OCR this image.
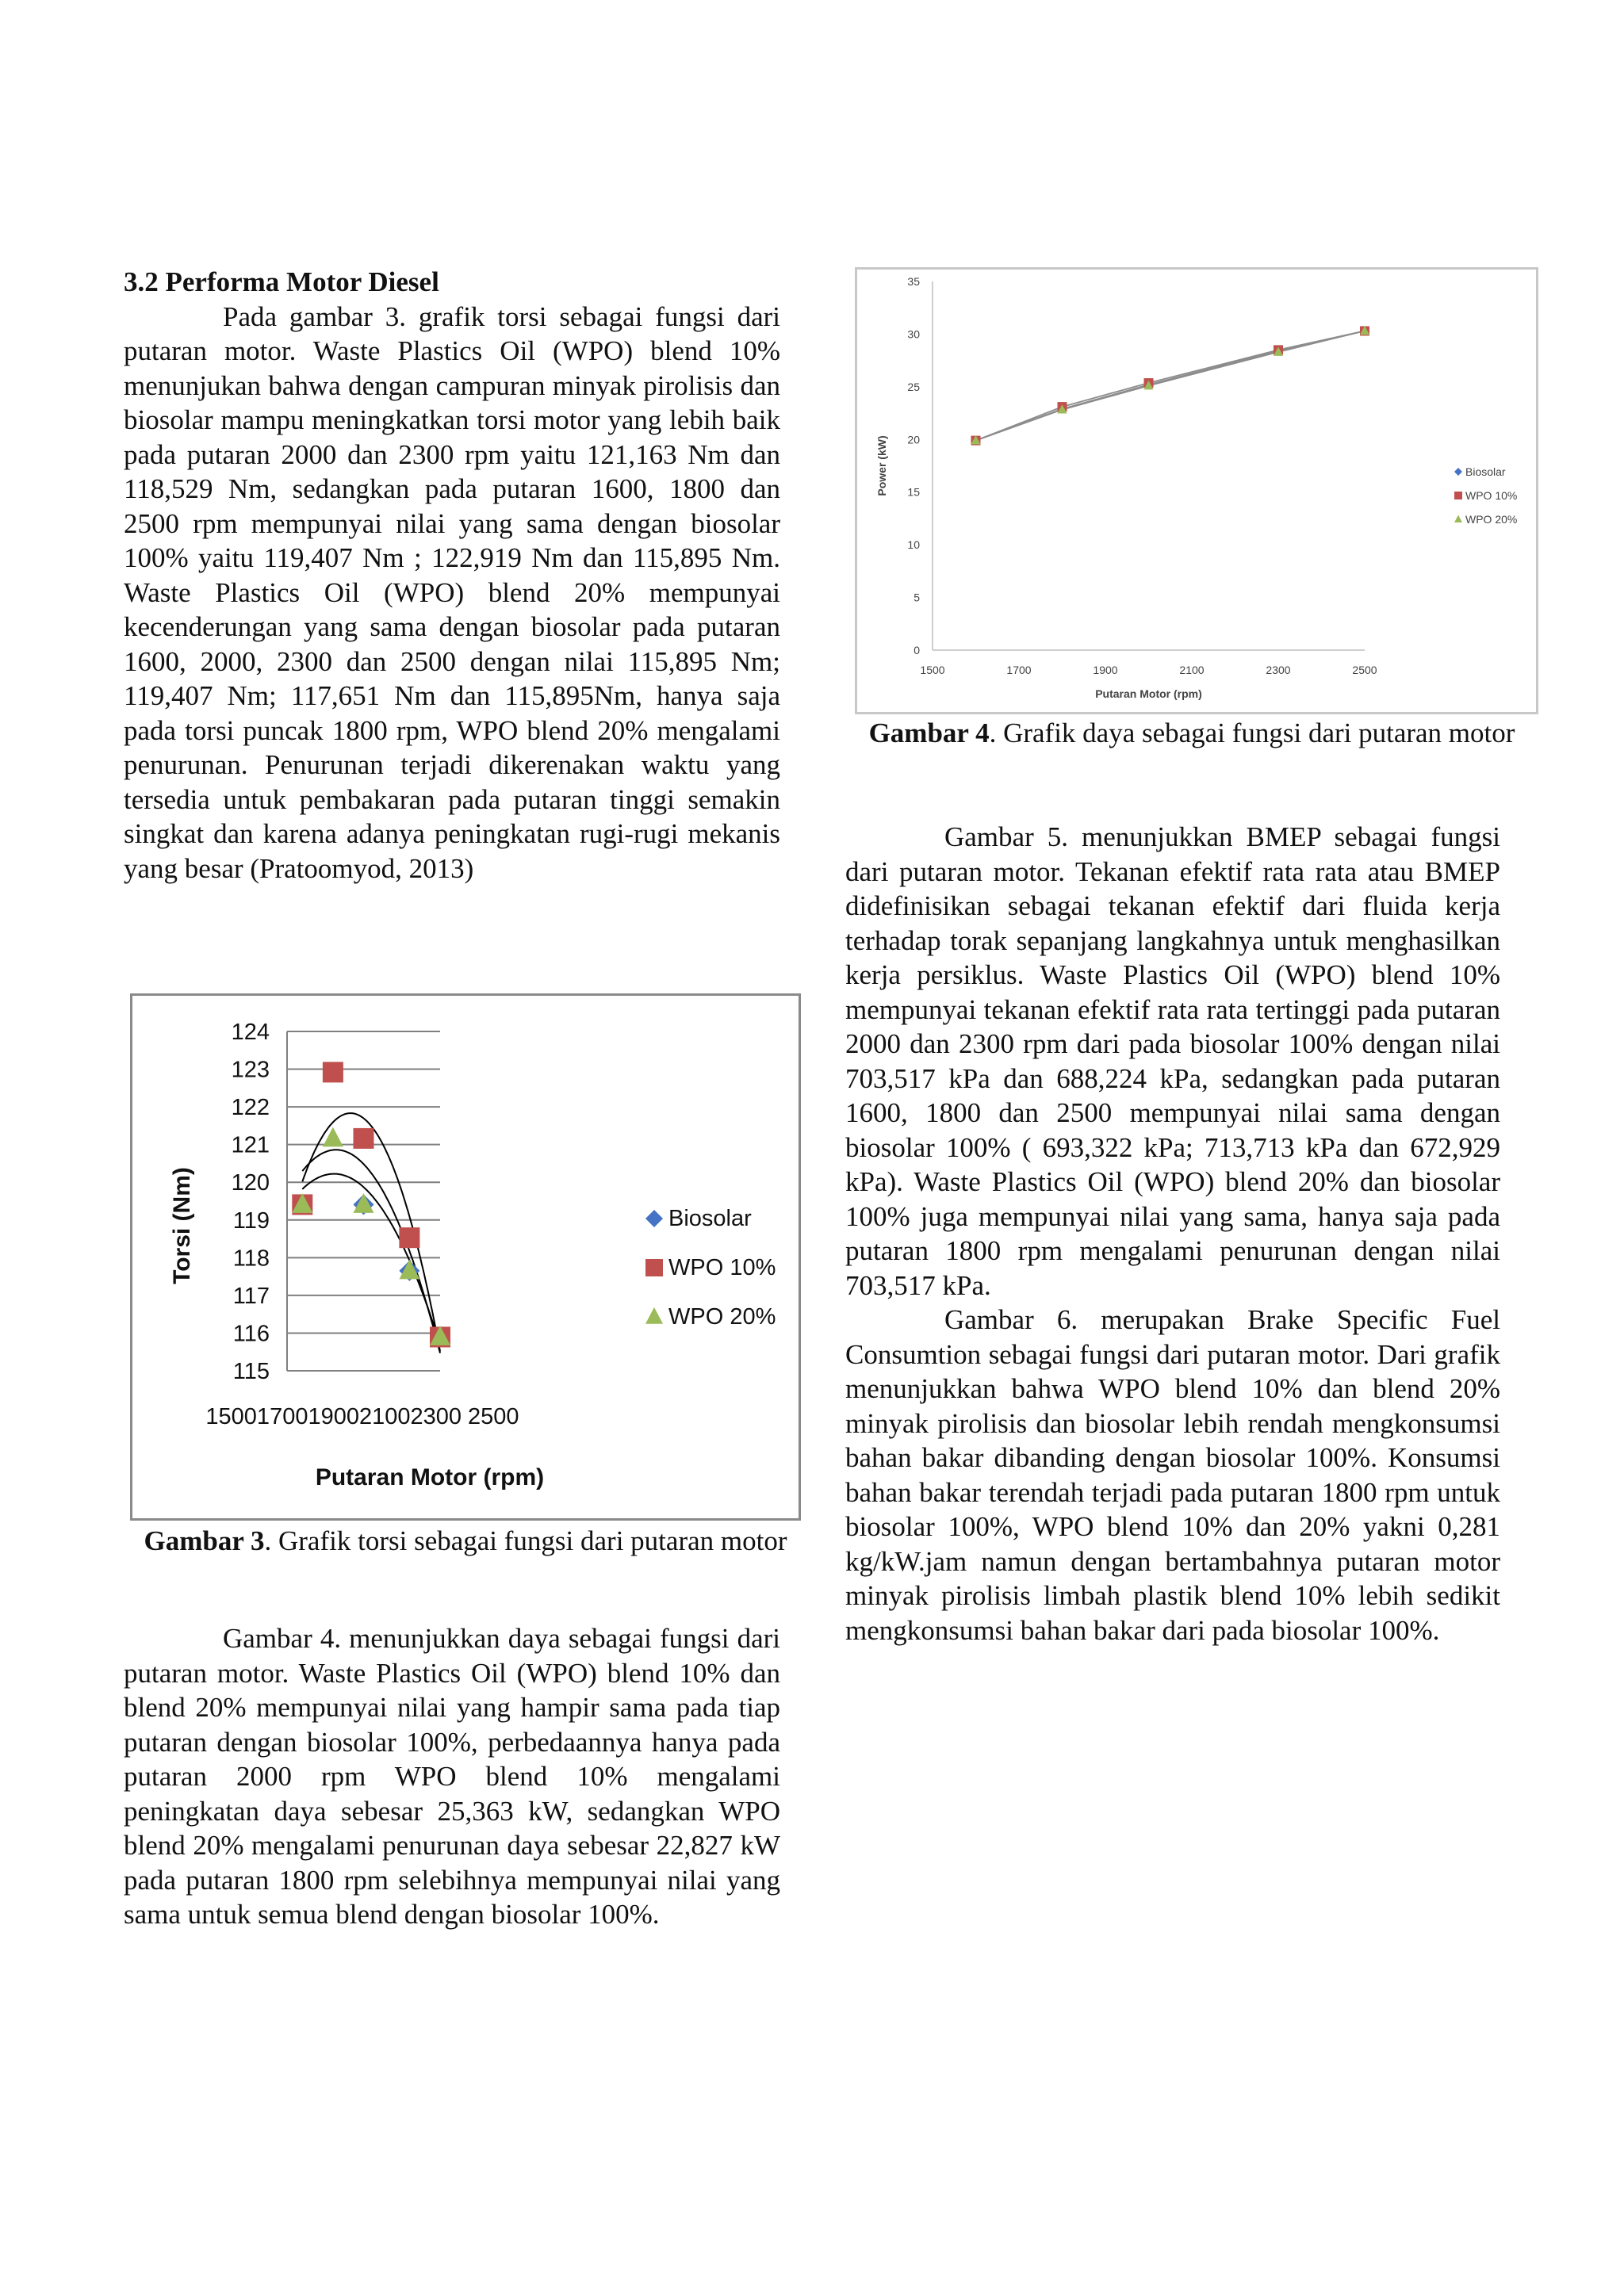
3.2 Performa Motor Diesel

Pada gambar 3. grafik torsi sebagai fungsi dari putaran motor. Waste Plastics Oil (WPO) blend 10% menunjukan bahwa dengan campuran minyak pirolisis dan biosolar mampu meningkatkan torsi motor yang lebih baik pada putaran 2000 dan 2300 rpm yaitu 121,163 Nm dan 118,529 Nm, sedangkan pada putaran 1600, 1800 dan 2500 rpm mempunyai nilai yang sama dengan biosolar 100% yaitu 119,407 Nm ; 122,919 Nm dan 115,895 Nm. Waste Plastics Oil (WPO) blend 20% mempunyai kecenderungan yang sama dengan biosolar pada putaran 1600, 2000, 2300 dan 2500 dengan nilai 115,895 Nm; 119,407 Nm; 117,651 Nm dan 115,895Nm, hanya saja pada torsi puncak 1800 rpm, WPO blend 20% mengalami penurunan. Penurunan terjadi dikerenakan waktu yang tersedia untuk pembakaran pada putaran tinggi semakin singkat dan karena adanya peningkatan rugi-rugi mekanis yang besar (Pratoomyod, 2013)

115
116
117
118
119
120
121
122
123
124
15001700190021002300 2500
Putaran Motor (rpm)
Torsi (Nm)	Biosolar
WPO 10%
WPO 20%
Gambar 3. Grafik torsi sebagai fungsi dari putaran motor

Gambar 4. menunjukkan daya sebagai fungsi dari putaran motor. Waste Plastics Oil (WPO) blend 10% dan blend 20% mempunyai nilai yang hampir sama pada tiap putaran dengan biosolar 100%, perbedaannya hanya pada putaran 2000 rpm WPO blend 10% mengalami peningkatan daya sebesar 25,363 kW, sedangkan WPO blend 20% mengalami penurunan daya sebesar 22,827 kW pada putaran 1800 rpm selebihnya mempunyai nilai yang sama untuk semua blend dengan biosolar 100%.

0
5
10
15
20
25
30
35
1500	1700	1900	2100	2300	2500
Putaran Motor (rpm)
Power (kW)	Biosolar
WPO 10%
WPO 20%
Gambar 4. Grafik daya sebagai fungsi dari putaran motor

Gambar 5. menunjukkan BMEP sebagai fungsi dari putaran motor. Tekanan efektif rata rata atau BMEP didefinisikan sebagai tekanan efektif dari fluida kerja terhadap torak sepanjang langkahnya untuk menghasilkan kerja persiklus. Waste Plastics Oil (WPO) blend 10% mempunyai tekanan efektif rata rata tertinggi pada putaran 2000 dan 2300 rpm dari pada biosolar 100% dengan nilai 703,517 kPa dan 688,224 kPa, sedangkan pada putaran 1600, 1800 dan 2500 mempunyai nilai sama dengan biosolar 100% ( 693,322 kPa; 713,713 kPa dan 672,929 kPa). Waste Plastics Oil (WPO) blend 20% dan biosolar 100% juga mempunyai nilai yang sama, hanya saja pada putaran 1800 rpm mengalami penurunan dengan nilai 703,517 kPa.

Gambar 6. merupakan Brake Specific Fuel Consumtion sebagai fungsi dari putaran motor. Dari grafik menunjukkan bahwa WPO blend 10% dan blend 20% minyak pirolisis dan biosolar lebih rendah mengkonsumsi bahan bakar dibanding dengan biosolar 100%. Konsumsi bahan bakar terendah terjadi pada putaran 1800 rpm untuk biosolar 100%, WPO blend 10% dan 20% yakni 0,281 kg/kW.jam namun dengan bertambahnya putaran motor minyak pirolisis limbah plastik blend 10% lebih sedikit mengkonsumsi bahan bakar dari pada biosolar 100%.
